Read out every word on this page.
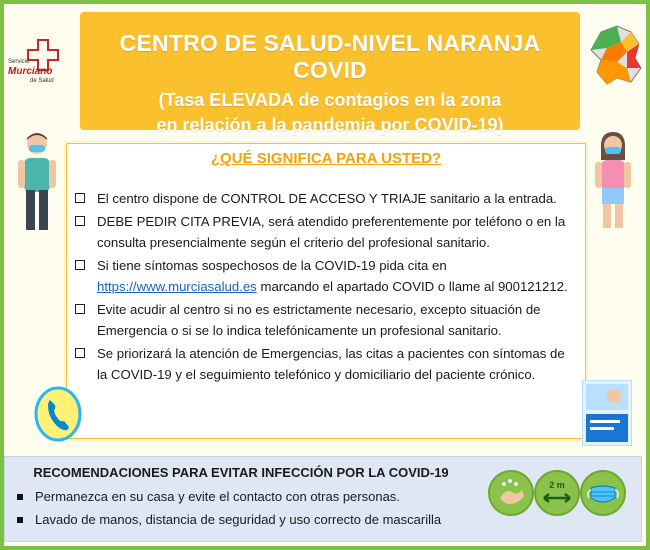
Servicio
Murciano
de Salud
CENTRO DE SALUD-NIVEL NARANJA COVID
(Tasa ELEVADA de contagios en la zona
en relación a la pandemia por COVID-19)
¿QUÉ SIGNIFICA PARA USTED?
El centro dispone de CONTROL DE ACCESO Y TRIAJE sanitario a la entrada.
DEBE PEDIR CITA PREVIA, será atendido preferentemente por teléfono o en la consulta presencialmente según el criterio del profesional sanitario.
Si tiene síntomas sospechosos de la COVID-19 pida cita en
https://www.murciasalud.es marcando el apartado COVID o llame al 900121212.
Evite acudir al centro si no es estrictamente necesario, excepto situación de Emergencia o si se lo indica telefónicamente un profesional sanitario.
Se priorizará la atención de Emergencias, las citas a pacientes con síntomas de la COVID-19 y el seguimiento telefónico y domiciliario del paciente crónico.
RECOMENDACIONES PARA EVITAR INFECCIÓN POR LA COVID-19
Permanezca en su casa y evite el contacto con otras personas.
Lavado de manos, distancia de seguridad y uso correcto de mascarilla
2 m
